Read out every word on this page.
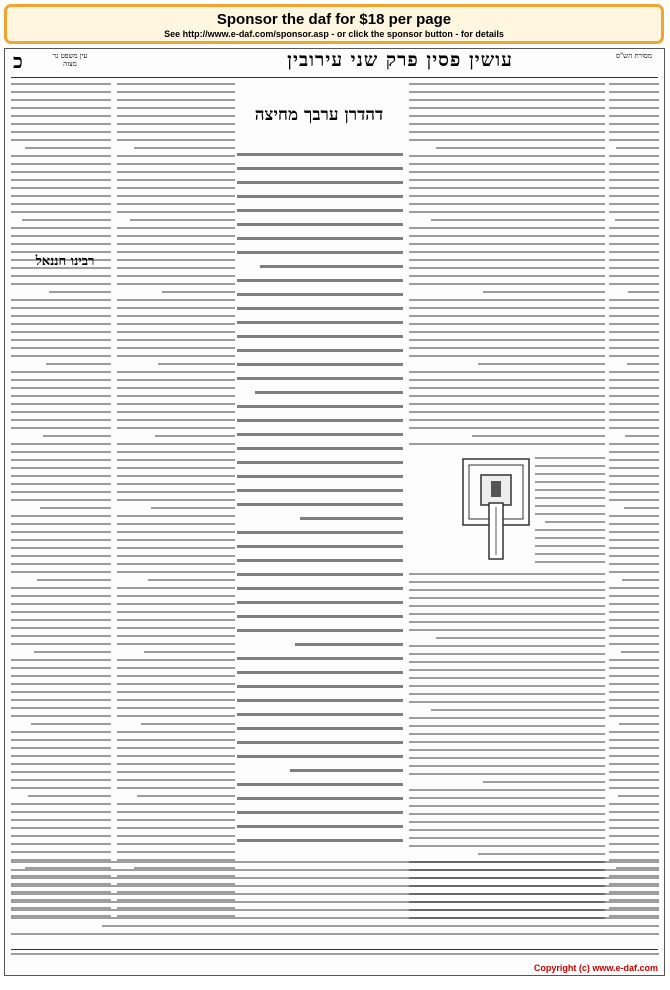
Sponsor the daf for $18 per page
See http://www.e-daf.com/sponsor.asp - or click the sponsor button - for details
כ	עין משפט נר מצוה	עושין פסין פרק שני עירובין	מסורת הש"ס
דהדרן ערבך מחיצה
רבינו חננאל
Copyright (c) www.e-daf.com
